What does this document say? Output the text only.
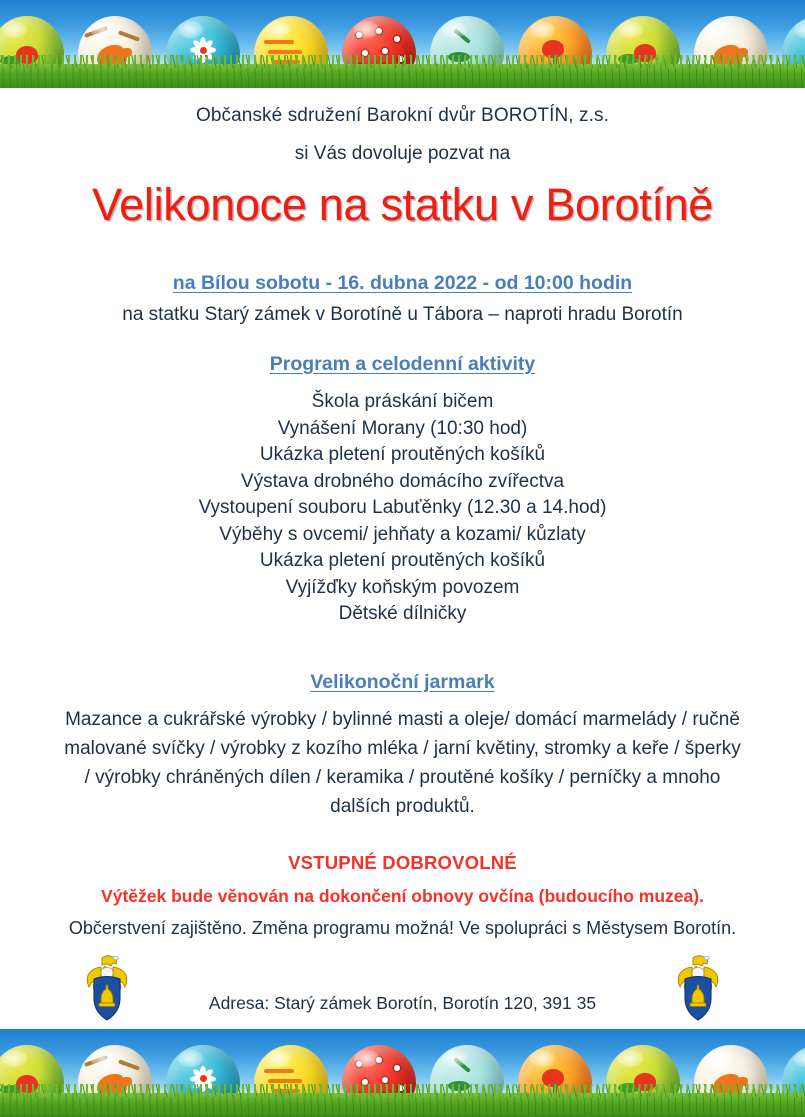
Občanské sdružení Barokní dvůr BOROTÍN, z.s.
si Vás dovoluje pozvat na
Velikonoce na statku v Borotíně
na Bílou sobotu - 16. dubna 2022 - od 10:00 hodin
na statku Starý zámek v Borotíně u Tábora – naproti hradu Borotín
Program a celodenní aktivity
Škola práskání bičem
Vynášení Morany (10:30 hod)
Ukázka pletení proutěných košíků
Výstava drobného domácího zvířectva
Vystoupení souboru Labuťěnky (12.30 a 14.hod)
Výběhy s ovcemi/ jehňaty a kozami/ kůzlaty
Ukázka pletení proutěných košíků
Vyjížďky koňským povozem
Dětské dílničky
Velikonoční jarmark
Mazance a cukrářské výrobky / bylinné masti a oleje/ domácí marmelády / ručně malované svíčky / výrobky z kozího mléka / jarní květiny, stromky a keře / šperky / výrobky chráněných dílen / keramika / proutěné košíky / perníčky a mnoho dalších produktů.
VSTUPNÉ DOBROVOLNÉ
Výtěžek bude věnován na dokončení obnovy ovčína (budoucího muzea).
Občerstvení zajištěno. Změna programu možná! Ve spolupráci s Městysem Borotín.
Adresa: Starý zámek Borotín, Borotín 120, 391 35
